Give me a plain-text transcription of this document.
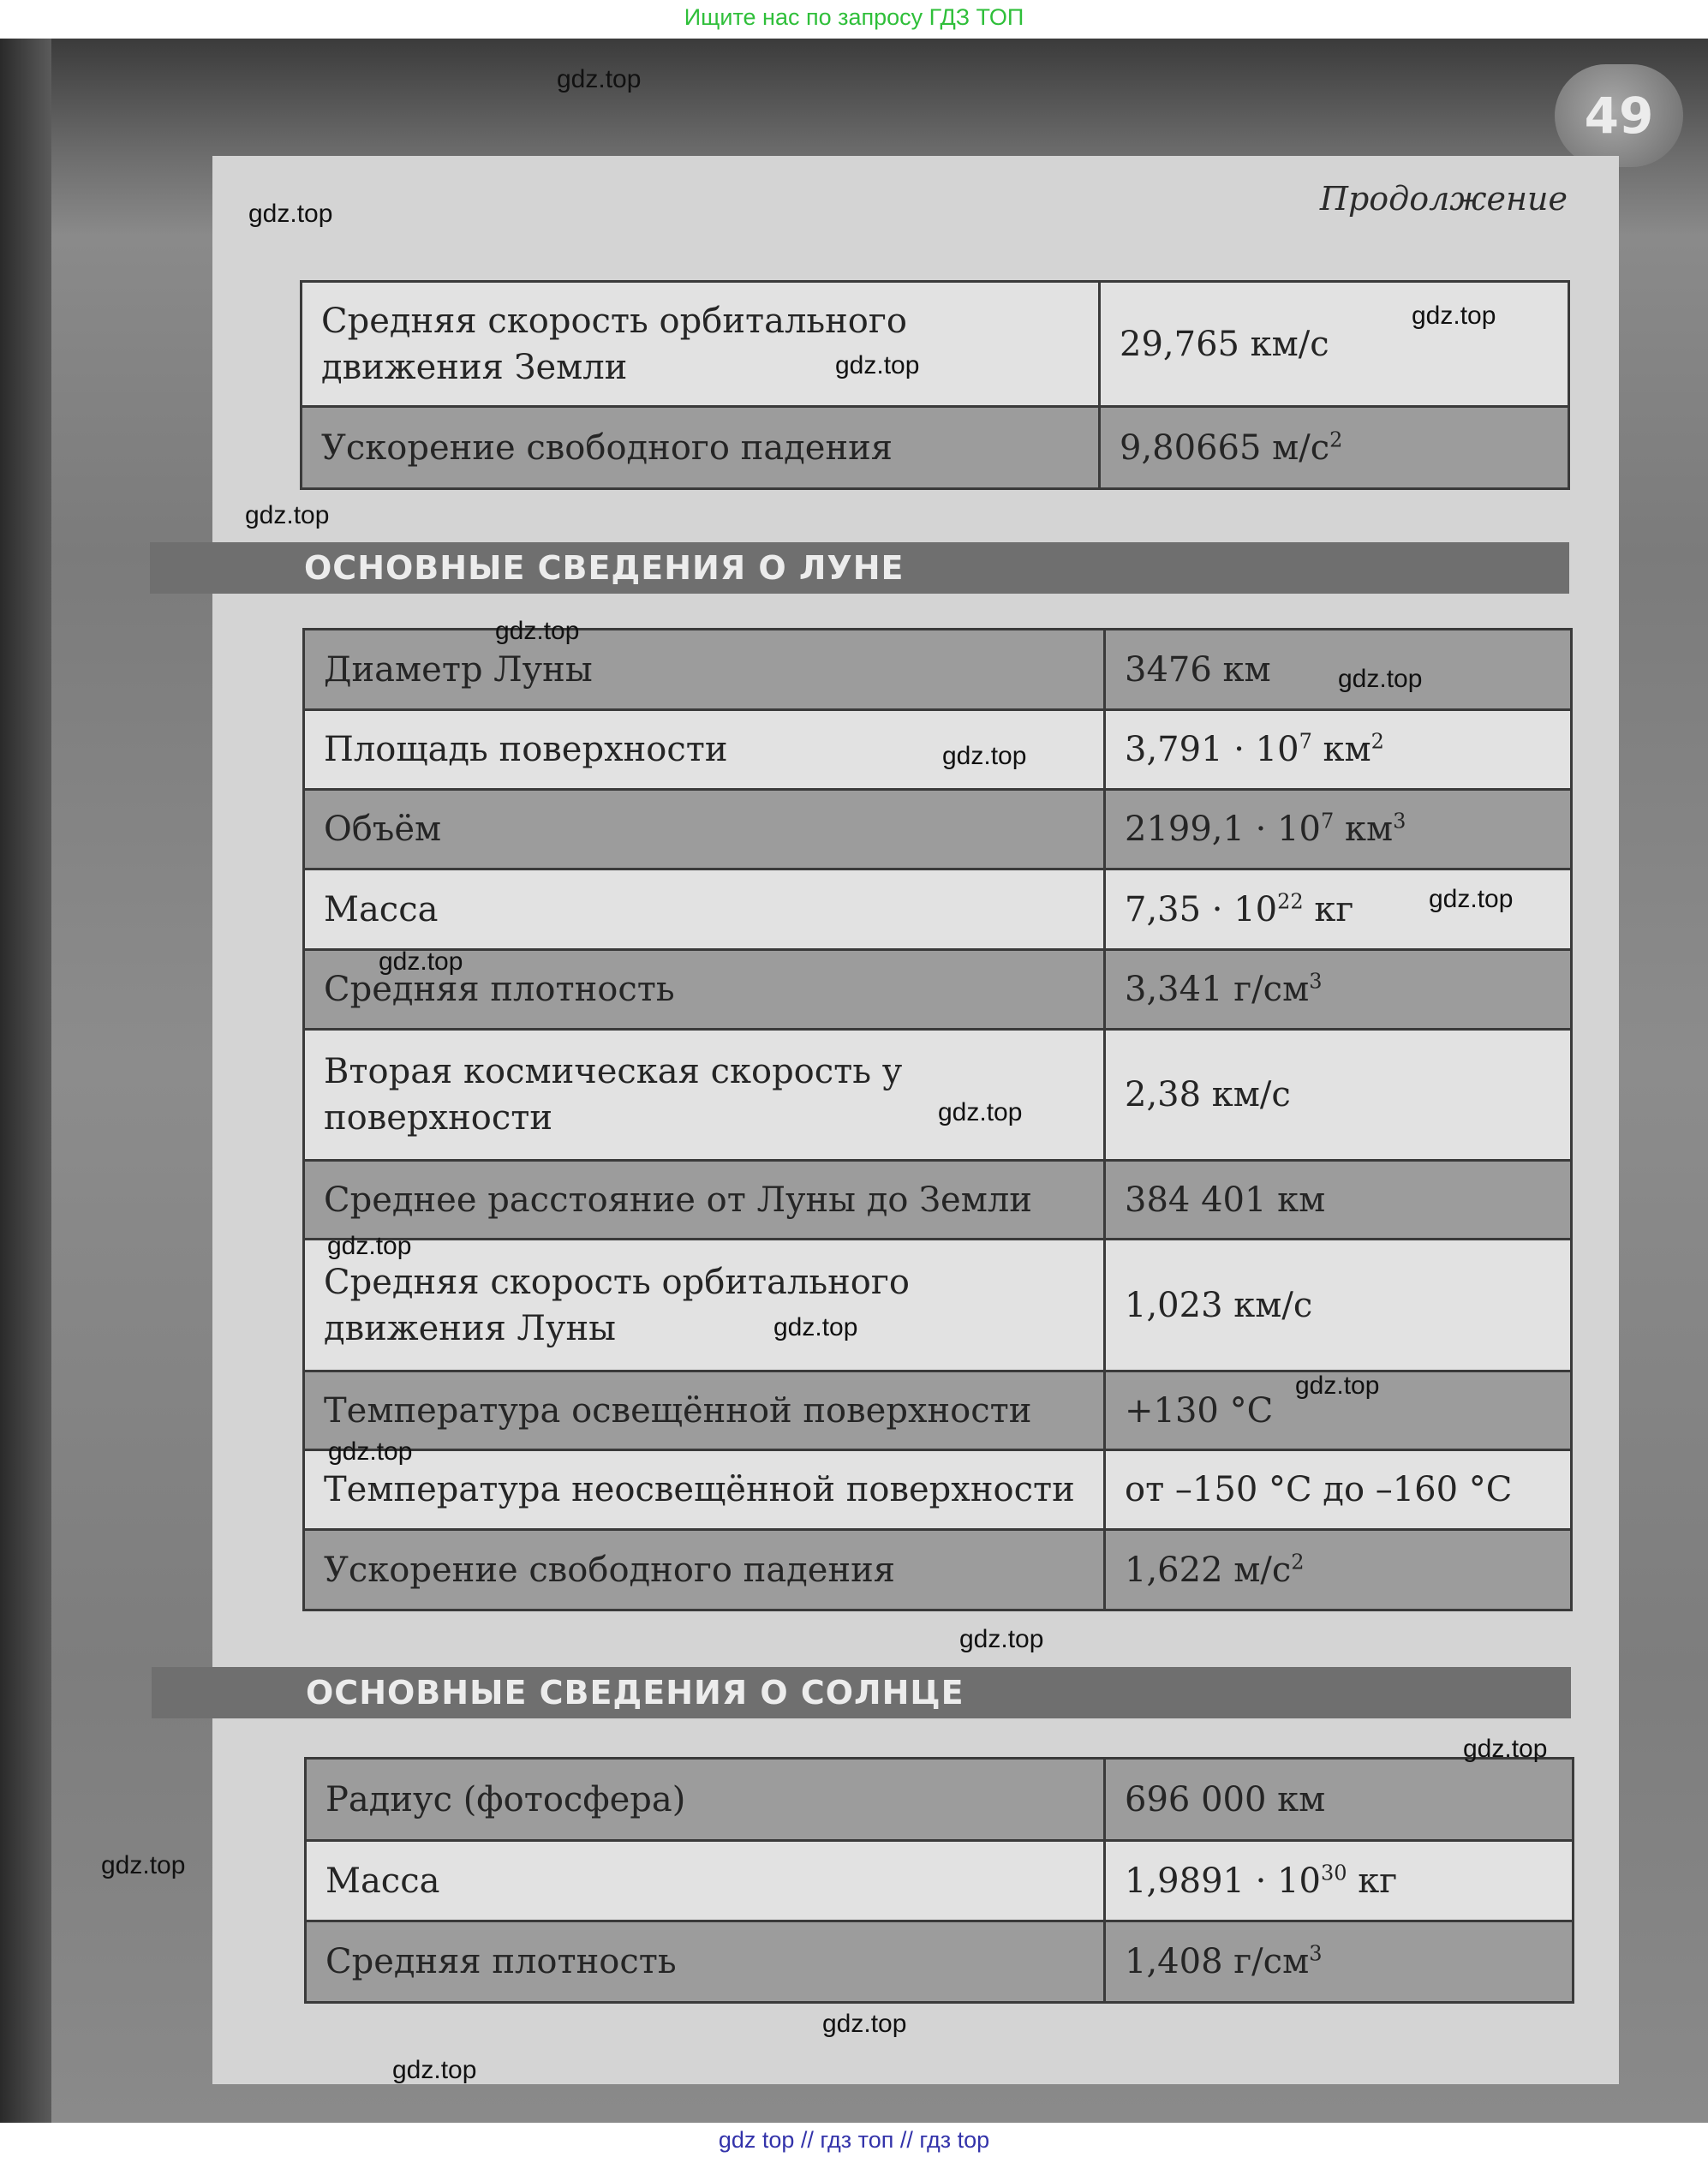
Ищите нас по запросу ГДЗ ТОП
49
Продолжение
Средняя скорость орбитального движения Земли	29,765 км/с
Ускорение свободного падения	9,80665 $м/с^2$
ОСНОВНЫЕ СВЕДЕНИЯ О ЛУНЕ
Диаметр Луны	3476 км
Площадь поверхности	$3,791 \cdot 10^7$ $км^2$
Объём	$2199,1 \cdot 10^7$ $км^3$
Масса	$7,35 \cdot 10^{22}$ кг
Средняя плотность	3,341 $г/см^3$
Вторая космическая скорость у поверхности	2,38 км/с
Среднее расстояние от Луны до Земли	384 401 км
Средняя скорость орбитального движения Луны	1,023 км/с
Температура освещённой поверхности	+130 °С
Температура неосвещённой поверхности	от –150 °С до –160 °С
Ускорение свободного падения	1,622 $м/с^2$
ОСНОВНЫЕ СВЕДЕНИЯ О СОЛНЦЕ
Радиус (фотосфера)	696 000 км
Масса	$1,9891 \cdot 10^{30}$ кг
Средняя плотность	1,408 $г/см^3$
gdz.top
gdz.top
gdz.top
gdz.top
gdz.top
gdz.top
gdz.top
gdz.top
gdz.top
gdz.top
gdz.top
gdz.top
gdz.top
gdz.top
gdz.top
gdz.top
gdz.top
gdz.top
gdz.top
gdz.top
gdz top // гдз топ // гдз top
